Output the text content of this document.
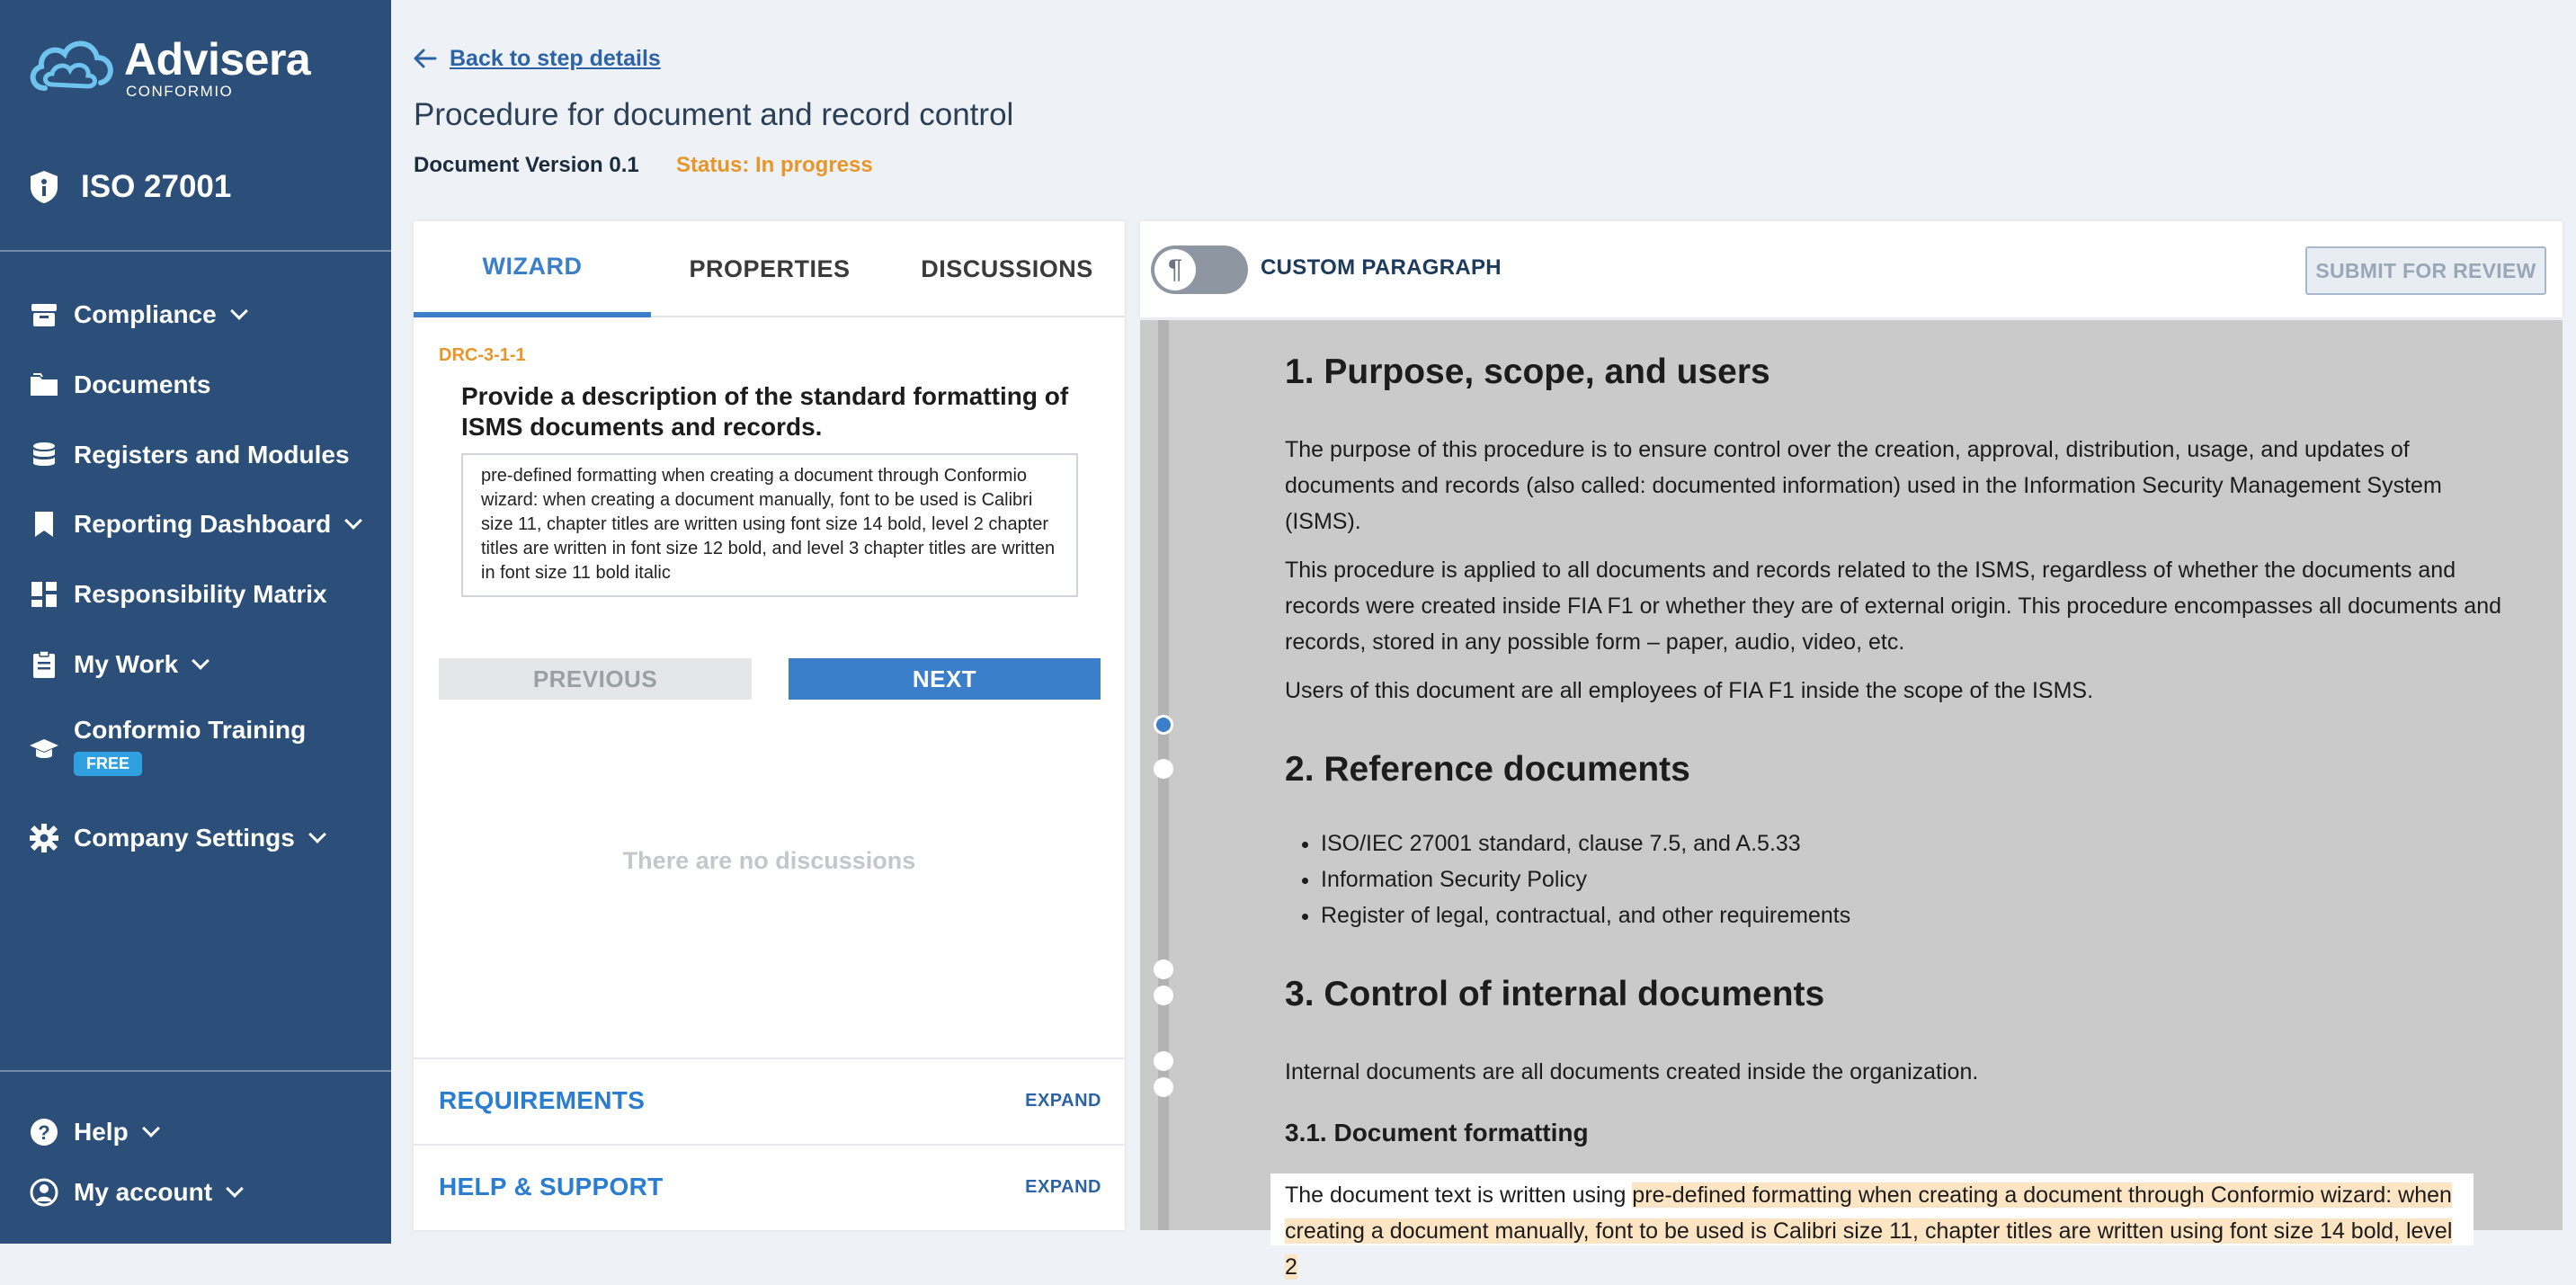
Advisera
CONFORMIO
ISO 27001
Compliance
Documents
Registers and Modules
Reporting Dashboard
Responsibility Matrix
My Work
Conformio Training
FREE
Company Settings
? Help
My account
Back to step details
Procedure for document and record control
Document Version 0.1 Status: In progress
WIZARD	PROPERTIES	DISCUSSIONS
DRC-3-1-1
Provide a description of the standard formatting of ISMS documents and records.
pre-defined formatting when creating a document through Conformio wizard: when creating a document manually, font to be used is Calibri size 11, chapter titles are written using font size 14 bold, level 2 chapter titles are written in font size 12 bold, and level 3 chapter titles are written in font size 11 bold italic
PREVIOUS	NEXT
There are no discussions
REQUIREMENTS	EXPAND
HELP & SUPPORT	EXPAND
¶	CUSTOM PARAGRAPH	SUBMIT FOR REVIEW
1. Purpose, scope, and users
The purpose of this procedure is to ensure control over the creation, approval, distribution, usage, and updates of documents and records (also called: documented information) used in the Information Security Management System (ISMS).
This procedure is applied to all documents and records related to the ISMS, regardless of whether the documents and records were created inside FIA F1 or whether they are of external origin. This procedure encompasses all documents and records, stored in any possible form – paper, audio, video, etc.
Users of this document are all employees of FIA F1 inside the scope of the ISMS.
2. Reference documents
• ISO/IEC 27001 standard, clause 7.5, and A.5.33
• Information Security Policy
• Register of legal, contractual, and other requirements
3. Control of internal documents
Internal documents are all documents created inside the organization.
3.1. Document formatting
The document text is written using pre-defined formatting when creating a document through Conformio wizard: when creating a document manually, font to be used is Calibri size 11, chapter titles are written using font size 14 bold, level 2
